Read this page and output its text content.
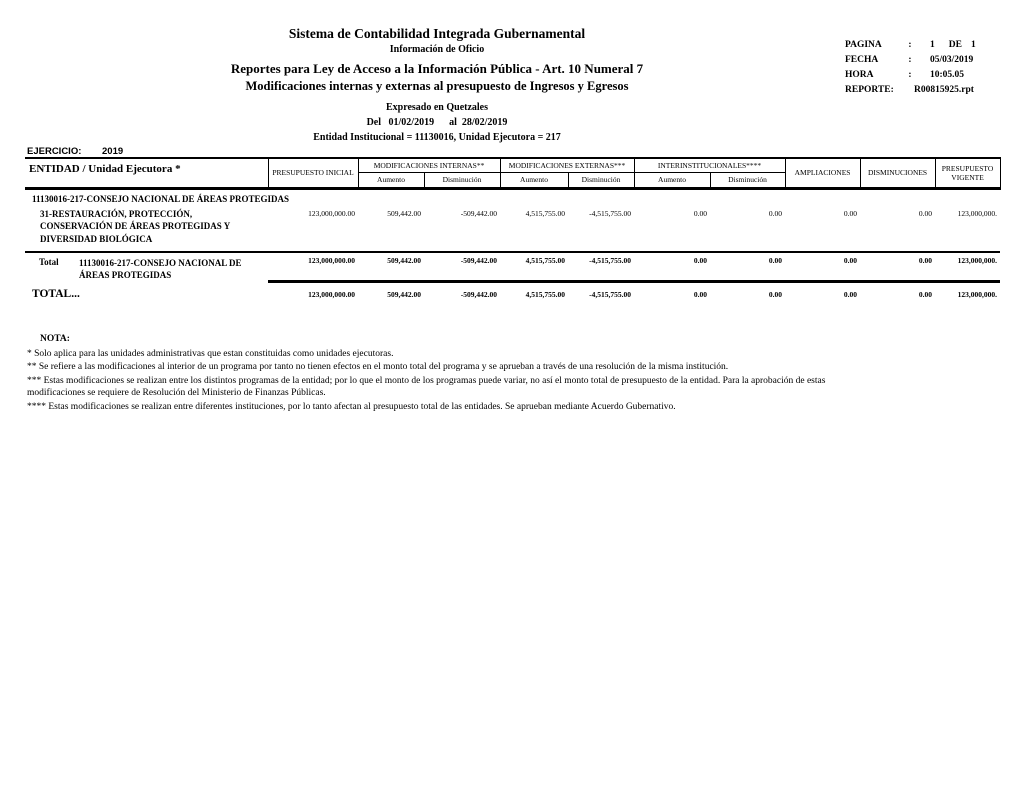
Sistema de Contabilidad Integrada Gubernamental
Información de Oficio
Reportes para Ley de Acceso a la Información Pública - Art. 10 Numeral 7
Modificaciones internas y externas al presupuesto de Ingresos y Egresos
Expresado en Quetzales
Del   01/02/2019      al  28/02/2019
Entidad Institucional = 11130016, Unidad Ejecutora = 217
PAGINA	:	1 DE 1
FECHA	:	05/03/2019
HORA	:	10:05.05
REPORTE:	R00815925.rpt
EJERCICIO: 2019
ENTIDAD / Unidad Ejecutora *	PRESUPUESTO INICIAL	MODIFICACIONES INTERNAS**		MODIFICACIONES EXTERNAS***		INTERINSTITUCIONALES****		AMPLIACIONES	DISMINUCIONES	PRESUPUESTO VIGENTE
		Aumento	Disminución	Aumento	Disminución	Aumento	Disminución			
11130016-217-CONSEJO NACIONAL DE ÁREAS PROTEGIDAS										
31-RESTAURACIÓN, PROTECCIÓN, CONSERVACIÓN DE ÁREAS PROTEGIDAS Y DIVERSIDAD BIOLÓGICA	123,000,000.00	509,442.00	-509,442.00	4,515,755.00	-4,515,755.00	0.00	0.00	0.00	0.00	123,000,000.

Total 11130016-217-CONSEJO NACIONAL DE ÁREAS PROTEGIDAS	123,000,000.00	509,442.00	-509,442.00	4,515,755.00	-4,515,755.00	0.00	0.00	0.00	0.00	123,000,000.
TOTAL...	123,000,000.00	509,442.00	-509,442.00	4,515,755.00	-4,515,755.00	0.00	0.00	0.00	0.00	123,000,000.
NOTA:
* Solo aplica para las unidades administrativas que estan constituidas como unidades ejecutoras.
** Se refiere a las modificaciones al interior de un programa por tanto no tienen efectos en el monto total del programa y se aprueban a través de una resolución de la misma institución.
*** Estas modificaciones se realizan entre los distintos programas de la entidad; por lo que el monto de los programas puede variar, no así el monto total de presupuesto de la entidad. Para la aprobación de estas modificaciones se requiere de Resolución del Ministerio de Finanzas Públicas.
**** Estas modificaciones se realizan entre diferentes instituciones, por lo tanto afectan al presupuesto total de las entidades. Se aprueban mediante Acuerdo Gubernativo.
